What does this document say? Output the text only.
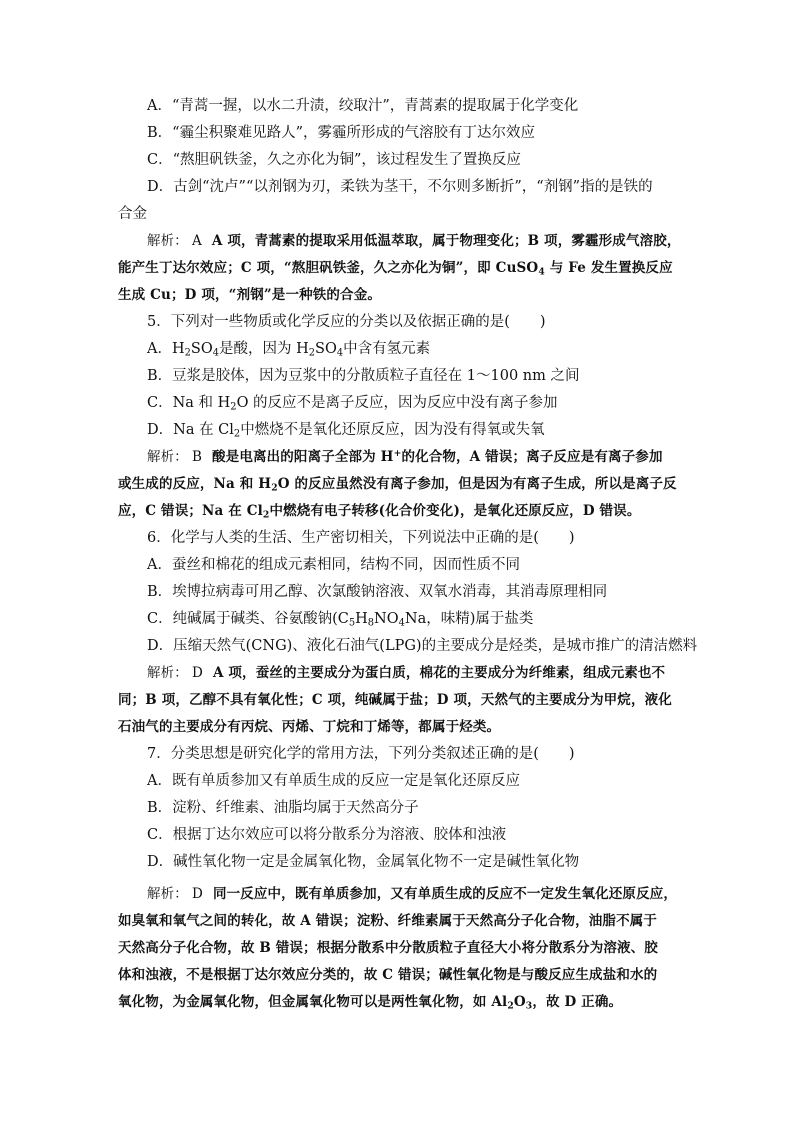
A．“青蒿一握，以水二升渍，绞取汁”，青蒿素的提取属于化学变化
B．“霾尘积聚难见路人”，雾霾所形成的气溶胶有丁达尔效应
C．“熬胆矾铁釜，久之亦化为铜”，该过程发生了置换反应
D．古剑“沈卢”“以剂钢为刃，柔铁为茎干，不尔则多断折”，“剂钢”指的是铁的
合金
解析： A A 项，青蒿素的提取采用低温萃取，属于物理变化；B 项，雾霾形成气溶胶，
能产生丁达尔效应；C 项，“熬胆矾铁釜，久之亦化为铜”，即 CuSO$_4$ 与 Fe 发生置换反应
生成 Cu；D 项，“剂钢”是一种铁的合金。
5．下列对一些物质或化学反应的分类以及依据正确的是( )
A．$H_2SO_4$是酸，因为 $H_2SO_4$中含有氢元素
B．豆浆是胶体，因为豆浆中的分散质粒子直径在 1～100 nm 之间
C．Na 和 $H_2O$ 的反应不是离子反应，因为反应中没有离子参加
D．Na 在 $Cl_2$中燃烧不是氧化还原反应，因为没有得氧或失氧
解析： B 酸是电离出的阳离子全部为 H+的化合物，A 错误；离子反应是有离子参加
或生成的反应，Na 和 $H_2O$ 的反应虽然没有离子参加，但是因为有离子生成，所以是离子反
应，C 错误；Na 在 $Cl_2$中燃烧有电子转移(化合价变化)，是氧化还原反应，D 错误。
6．化学与人类的生活、生产密切相关，下列说法中正确的是( )
A．蚕丝和棉花的组成元素相同，结构不同，因而性质不同
B．埃博拉病毒可用乙醇、次氯酸钠溶液、双氧水消毒，其消毒原理相同
C．纯碱属于碱类、谷氨酸钠($C_5H_8NO_4Na$，味精)属于盐类
D．压缩天然气(CNG)、液化石油气(LPG)的主要成分是烃类，是城市推广的清洁燃料
解析： D A 项，蚕丝的主要成分为蛋白质，棉花的主要成分为纤维素，组成元素也不
同；B 项，乙醇不具有氧化性；C 项，纯碱属于盐；D 项，天然气的主要成分为甲烷，液化
石油气的主要成分有丙烷、丙烯、丁烷和丁烯等，都属于烃类。
7．分类思想是研究化学的常用方法，下列分类叙述正确的是( )
A．既有单质参加又有单质生成的反应一定是氧化还原反应
B．淀粉、纤维素、油脂均属于天然高分子
C．根据丁达尔效应可以将分散系分为溶液、胶体和浊液
D．碱性氧化物一定是金属氧化物，金属氧化物不一定是碱性氧化物
解析： D 同一反应中，既有单质参加，又有单质生成的反应不一定发生氧化还原反应，
如臭氧和氧气之间的转化，故 A 错误；淀粉、纤维素属于天然高分子化合物，油脂不属于
天然高分子化合物，故 B 错误；根据分散系中分散质粒子直径大小将分散系分为溶液、胶
体和浊液，不是根据丁达尔效应分类的，故 C 错误；碱性氧化物是与酸反应生成盐和水的
氧化物，为金属氧化物，但金属氧化物可以是两性氧化物，如 $Al_2O_3$，故 D 正确。
